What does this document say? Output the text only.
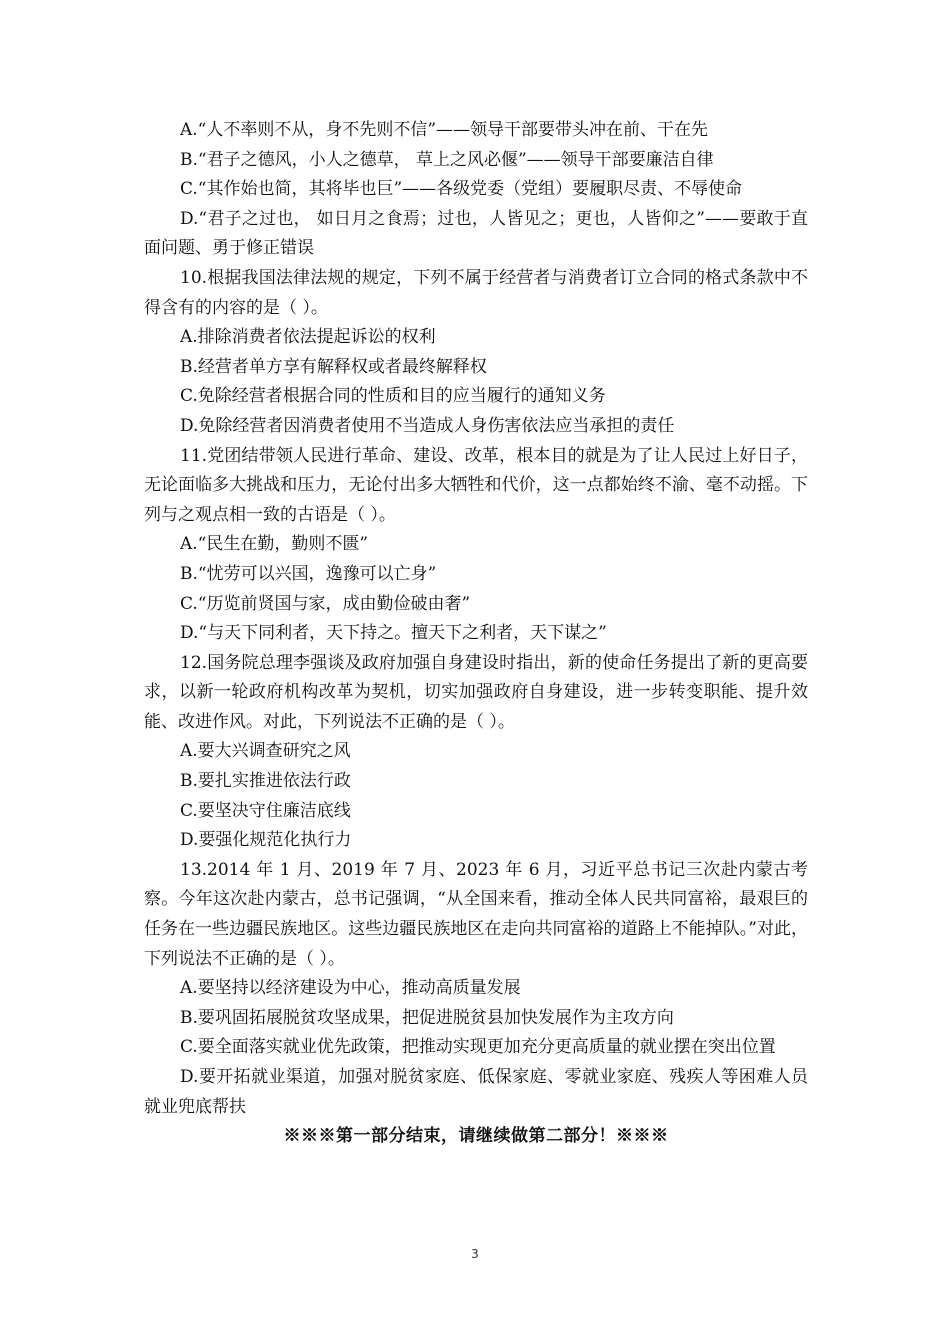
A.“人不率则不从，身不先则不信”——领导干部要带头冲在前、干在先

B.“君子之德风，小人之德草， 草上之风必偃”——领导干部要廉洁自律

C.“其作始也简，其将毕也巨”——各级党委（党组）要履职尽责、不辱使命

D.“君子之过也， 如日月之食焉；过也，人皆见之；更也，人皆仰之”——要敢于直面问题、勇于修正错误

10.根据我国法律法规的规定，下列不属于经营者与消费者订立合同的格式条款中不得含有的内容的是（ ）。

A.排除消费者依法提起诉讼的权利

B.经营者单方享有解释权或者最终解释权

C.免除经营者根据合同的性质和目的应当履行的通知义务

D.免除经营者因消费者使用不当造成人身伤害依法应当承担的责任

11.党团结带领人民进行革命、建设、改革，根本目的就是为了让人民过上好日子，无论面临多大挑战和压力，无论付出多大牺牲和代价，这一点都始终不渝、毫不动摇。下列与之观点相一致的古语是（ ）。

A.“民生在勤，勤则不匮”

B.“忧劳可以兴国，逸豫可以亡身”

C.“历览前贤国与家，成由勤俭破由奢”

D.“与天下同利者，天下持之。擅天下之利者，天下谋之”

12.国务院总理李强谈及政府加强自身建设时指出，新的使命任务提出了新的更高要求，以新一轮政府机构改革为契机，切实加强政府自身建设，进一步转变职能、提升效能、改进作风。对此，下列说法不正确的是（ ）。

A.要大兴调查研究之风

B.要扎实推进依法行政

C.要坚决守住廉洁底线

D.要强化规范化执行力

13.2014 年 1 月、2019 年 7 月、2023 年 6 月，习近平总书记三次赴内蒙古考察。今年这次赴内蒙古，总书记强调，“从全国来看，推动全体人民共同富裕，最艰巨的任务在一些边疆民族地区。这些边疆民族地区在走向共同富裕的道路上不能掉队。”对此，下列说法不正确的是（ ）。

A.要坚持以经济建设为中心，推动高质量发展

B.要巩固拓展脱贫攻坚成果，把促进脱贫县加快发展作为主攻方向

C.要全面落实就业优先政策，把推动实现更加充分更高质量的就业摆在突出位置

D.要开拓就业渠道，加强对脱贫家庭、低保家庭、零就业家庭、残疾人等困难人员就业兜底帮扶

※※※第一部分结束，请继续做第二部分！※※※

3
